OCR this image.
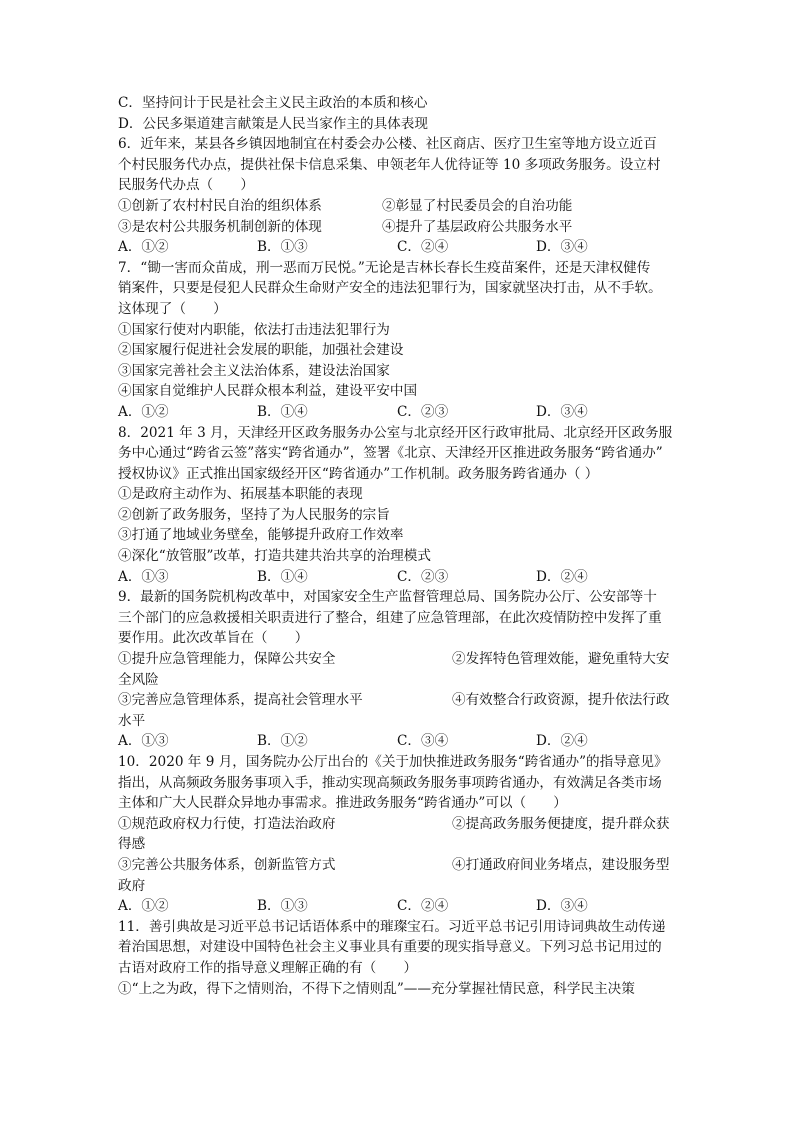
C．坚持问计于民是社会主义民主政治的本质和核心
D．公民多渠道建言献策是人民当家作主的具体表现
6．近年来，某县各乡镇因地制宜在村委会办公楼、社区商店、医疗卫生室等地方设立近百
个村民服务代办点，提供社保卡信息采集、申领老年人优待证等 10 多项政务服务。设立村
民服务代办点（　　）
①创新了农村村民自治的组织体系	②彰显了村民委员会的自治功能
③是农村公共服务机制创新的体现	④提升了基层政府公共服务水平
A．①②	B．①③	C．②④	D．③④
7．“锄一害而众苗成，刑一恶而万民悦。”无论是吉林长春长生疫苗案件，还是天津权健传
销案件，只要是侵犯人民群众生命财产安全的违法犯罪行为，国家就坚决打击，从不手软。
这体现了（　　）
①国家行使对内职能，依法打击违法犯罪行为
②国家履行促进社会发展的职能，加强社会建设
③国家完善社会主义法治体系，建设法治国家
④国家自觉维护人民群众根本利益，建设平安中国
A．①②	B．①④	C．②③	D．③④
8．2021 年 3 月，天津经开区政务服务办公室与北京经开区行政审批局、北京经开区政务服
务中心通过“跨省云签”落实“跨省通办”，签署《北京、天津经开区推进政务服务“跨省通办”
授权协议》正式推出国家级经开区“跨省通办”工作机制。政务服务跨省通办（ ）
①是政府主动作为、拓展基本职能的表现
②创新了政务服务，坚持了为人民服务的宗旨
③打通了地域业务壁垒，能够提升政府工作效率
④深化“放管服”改革，打造共建共治共享的治理模式
A．①③	B．①④	C．②③	D．②④
9．最新的国务院机构改革中，对国家安全生产监督管理总局、国务院办公厅、公安部等十
三个部门的应急救援相关职责进行了整合，组建了应急管理部，在此次疫情防控中发挥了重
要作用。此次改革旨在（　　）
①提升应急管理能力，保障公共安全	②发挥特色管理效能，避免重特大安
全风险
③完善应急管理体系，提高社会管理水平	④有效整合行政资源，提升依法行政
水平
A．①③	B．①②	C．③④	D．②④
10．2020 年 9 月，国务院办公厅出台的《关于加快推进政务服务“跨省通办”的指导意见》
指出，从高频政务服务事项入手，推动实现高频政务服务事项跨省通办，有效满足各类市场
主体和广大人民群众异地办事需求。推进政务服务“跨省通办”可以（　　）
①规范政府权力行使，打造法治政府	②提高政务服务便捷度，提升群众获
得感
③完善公共服务体系，创新监管方式	④打通政府间业务堵点，建设服务型
政府
A．①②	B．①③	C．②④	D．③④
11．善引典故是习近平总书记话语体系中的璀璨宝石。习近平总书记引用诗词典故生动传递
着治国思想，对建设中国特色社会主义事业具有重要的现实指导意义。下列习总书记用过的
古语对政府工作的指导意义理解正确的有（　　）
①“上之为政，得下之情则治，不得下之情则乱”——充分掌握社情民意，科学民主决策
